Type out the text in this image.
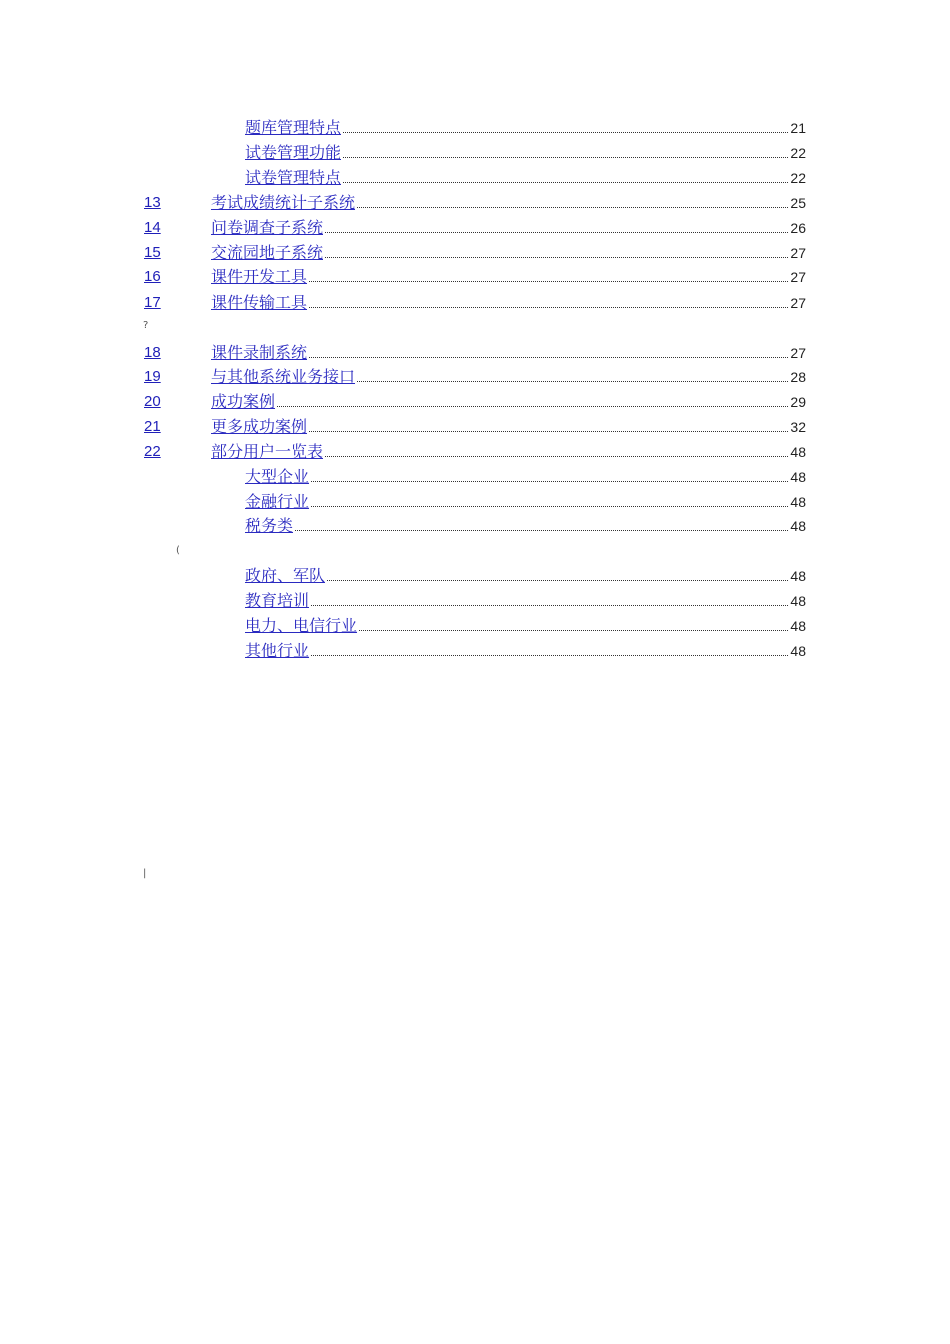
题库管理特点	21
试卷管理功能	22
试卷管理特点	22
13	考试成绩统计子系统	25
14	问卷调查子系统	26
15	交流园地子系统	27
16	课件开发工具	27
17	课件传输工具	27
18	课件录制系统	27
19	与其他系统业务接口	28
20	成功案例	29
21	更多成功案例	32
22	部分用户一览表	48
大型企业	48
金融行业	48
税务类	48
政府、军队	48
教育培训	48
电力、电信行业	48
其他行业	48
?
(
|
